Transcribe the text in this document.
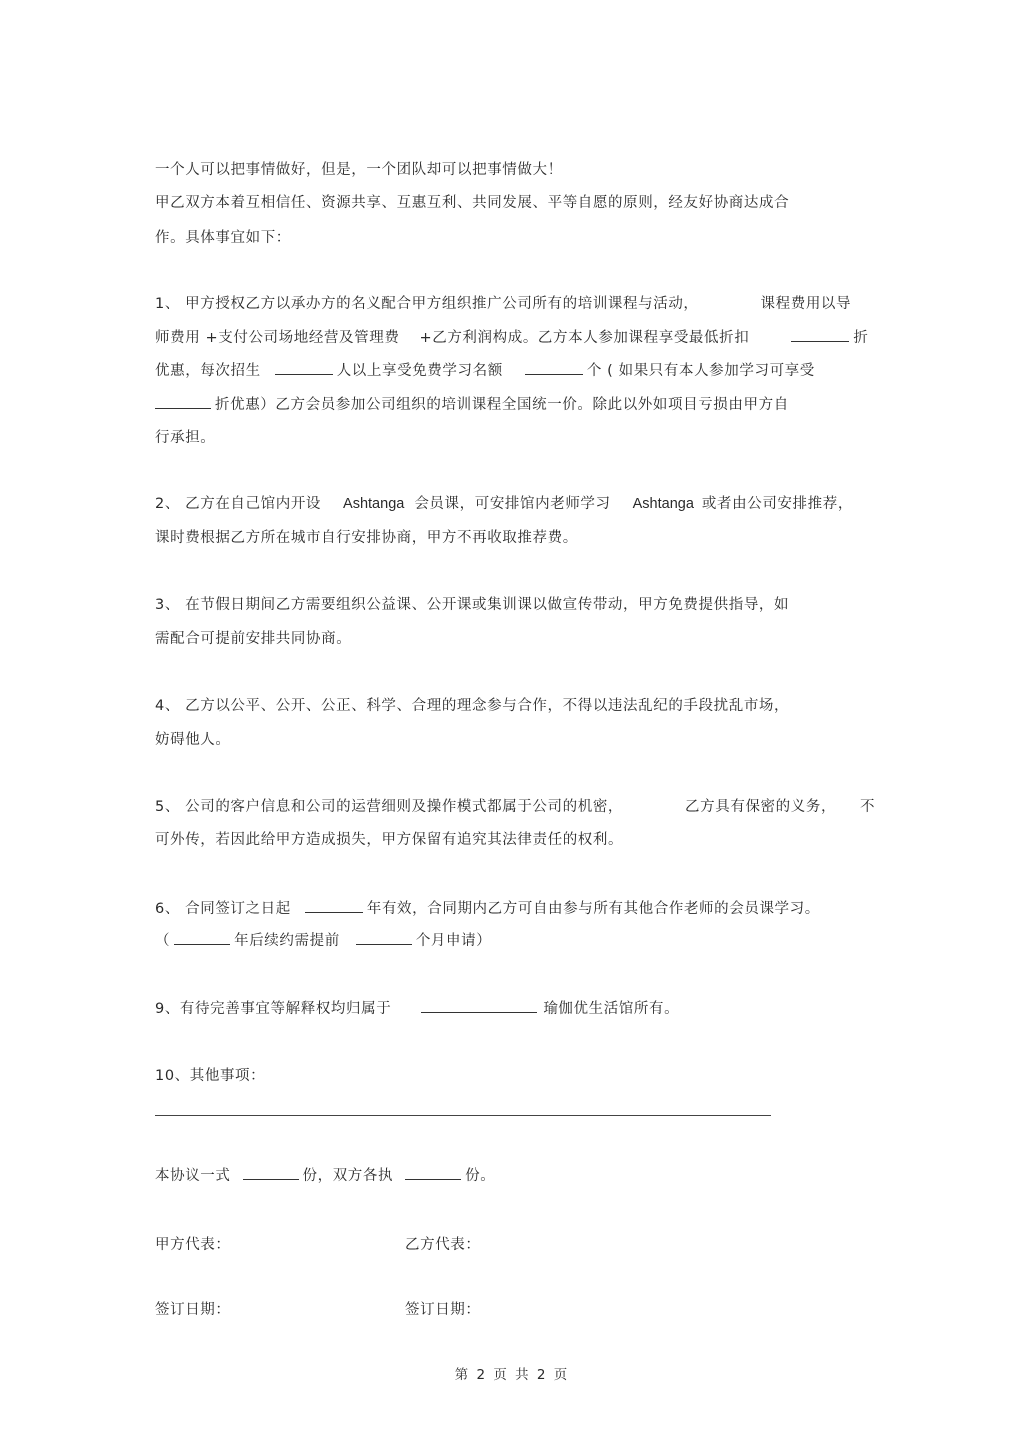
一个人可以把事情做好，但是，一个团队却可以把事情做大！
甲乙双方本着互相信任、资源共享、互惠互利、共同发展、平等自愿的原则，经友好协商达成合
作。具体事宜如下：
1、 甲方授权乙方以承办方的名义配合甲方组织推广公司所有的培训课程与活动，	课程费用以导
师费用 +支付公司场地经营及管理费 +乙方利润构成。乙方本人参加课程享受最低折扣	折
优惠，每次招生	人以上享受免费学习名额	个 ( 如果只有本人参加学习可享受
折优惠）乙方会员参加公司组织的培训课程全国统一价。除此以外如项目亏损由甲方自
行承担。
2、 乙方在自己馆内开设 Ashtanga 会员课，可安排馆内老师学习 Ashtanga 或者由公司安排推荐，
课时费根据乙方所在城市自行安排协商，甲方不再收取推荐费。
3、 在节假日期间乙方需要组织公益课、公开课或集训课以做宣传带动，甲方免费提供指导，如
需配合可提前安排共同协商。
4、 乙方以公平、公开、公正、科学、合理的理念参与合作，不得以违法乱纪的手段扰乱市场，
妨碍他人。
5、 公司的客户信息和公司的运营细则及操作模式都属于公司的机密，	乙方具有保密的义务， 不
可外传，若因此给甲方造成损失，甲方保留有追究其法律责任的权利。
6、 合同签订之日起	年有效，合同期内乙方可自由参与所有其他合作老师的会员课学习。
（	年后续约需提前	个月申请）
9、有待完善事宜等解释权均归属于	瑜伽优生活馆所有。
10、其他事项：
本协议一式	份，双方各执	份。
甲方代表：	乙方代表：
签订日期：	签订日期：
第 2 页 共 2 页
